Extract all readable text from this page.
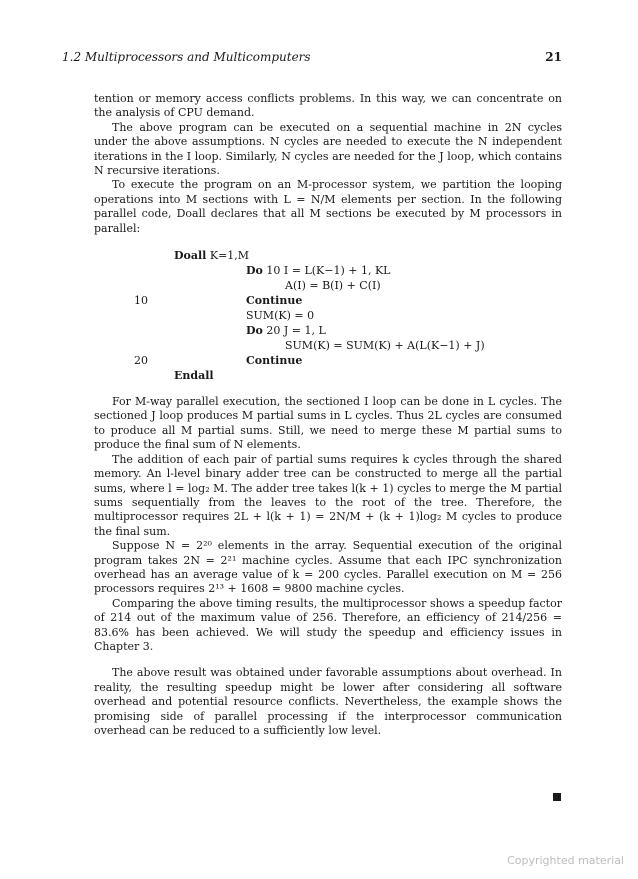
1.2 Multiprocessors and Multicomputers	21

tention or memory access conflicts problems. In this way, we can concentrate on the analysis of CPU demand.

The above program can be executed on a sequential machine in 2N cycles under the above assumptions. N cycles are needed to execute the N independent iterations in the I loop. Similarly, N cycles are needed for the J loop, which contains N recursive iterations.

To execute the program on an M-processor system, we partition the looping operations into M sections with L = N/M elements per section. In the following parallel code, Doall declares that all M sections be executed by M processors in parallel:

Doall K=1,M
Do 10 I = L(K−1) + 1, KL
A(I) = B(I) + C(I)
10	Continue
SUM(K) = 0
Do 20 J = 1, L
SUM(K) = SUM(K) + A(L(K−1) + J)
20	Continue
Endall

For M-way parallel execution, the sectioned I loop can be done in L cycles. The sectioned J loop produces M partial sums in L cycles. Thus 2L cycles are consumed to produce all M partial sums. Still, we need to merge these M partial sums to produce the final sum of N elements.

The addition of each pair of partial sums requires k cycles through the shared memory. An l-level binary adder tree can be constructed to merge all the partial sums, where l = log₂ M. The adder tree takes l(k + 1) cycles to merge the M partial sums sequentially from the leaves to the root of the tree. Therefore, the multiprocessor requires 2L + l(k + 1) = 2N/M + (k + 1)log₂ M cycles to produce the final sum.

Suppose N = 2²⁰ elements in the array. Sequential execution of the original program takes 2N = 2²¹ machine cycles. Assume that each IPC synchronization overhead has an average value of k = 200 cycles. Parallel execution on M = 256 processors requires 2¹³ + 1608 = 9800 machine cycles.

Comparing the above timing results, the multiprocessor shows a speedup factor of 214 out of the maximum value of 256. Therefore, an efficiency of 214/256 = 83.6% has been achieved. We will study the speedup and efficiency issues in Chapter 3.

The above result was obtained under favorable assumptions about overhead. In reality, the resulting speedup might be lower after considering all software overhead and potential resource conflicts. Nevertheless, the example shows the promising side of parallel processing if the interprocessor communication overhead can be reduced to a sufficiently low level.

Copyrighted material
